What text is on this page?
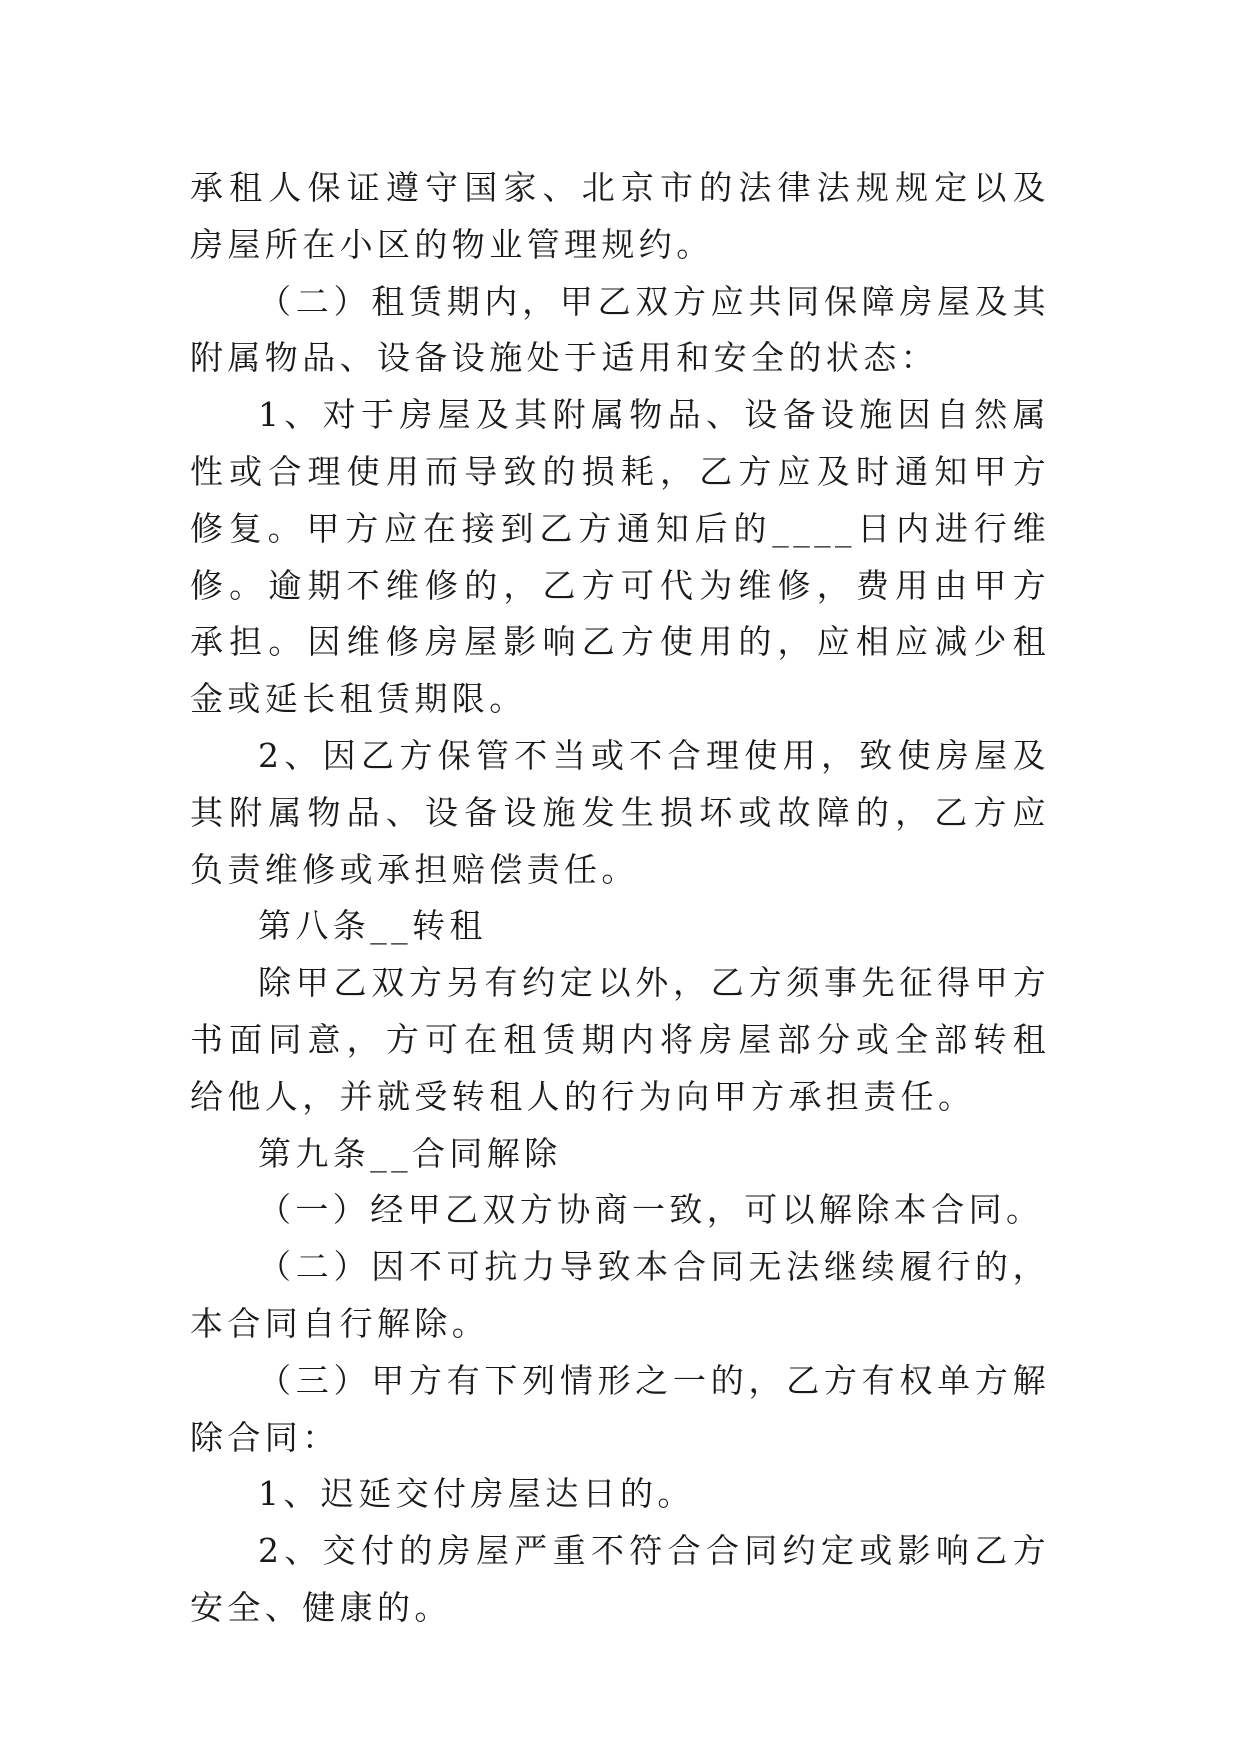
承租人保证遵守国家、北京市的法律法规规定以及房屋所在小区的物业管理规约。

（二）租赁期内，甲乙双方应共同保障房屋及其附属物品、设备设施处于适用和安全的状态：

1、对于房屋及其附属物品、设备设施因自然属性或合理使用而导致的损耗，乙方应及时通知甲方修复。甲方应在接到乙方通知后的____日内进行维修。逾期不维修的，乙方可代为维修，费用由甲方承担。因维修房屋影响乙方使用的，应相应减少租金或延长租赁期限。

2、因乙方保管不当或不合理使用，致使房屋及其附属物品、设备设施发生损坏或故障的，乙方应负责维修或承担赔偿责任。

第八条__转租

除甲乙双方另有约定以外，乙方须事先征得甲方书面同意，方可在租赁期内将房屋部分或全部转租给他人，并就受转租人的行为向甲方承担责任。

第九条__合同解除

（一）经甲乙双方协商一致，可以解除本合同。

（二）因不可抗力导致本合同无法继续履行的，本合同自行解除。

（三）甲方有下列情形之一的，乙方有权单方解除合同：

1、迟延交付房屋达日的。

2、交付的房屋严重不符合合同约定或影响乙方安全、健康的。
